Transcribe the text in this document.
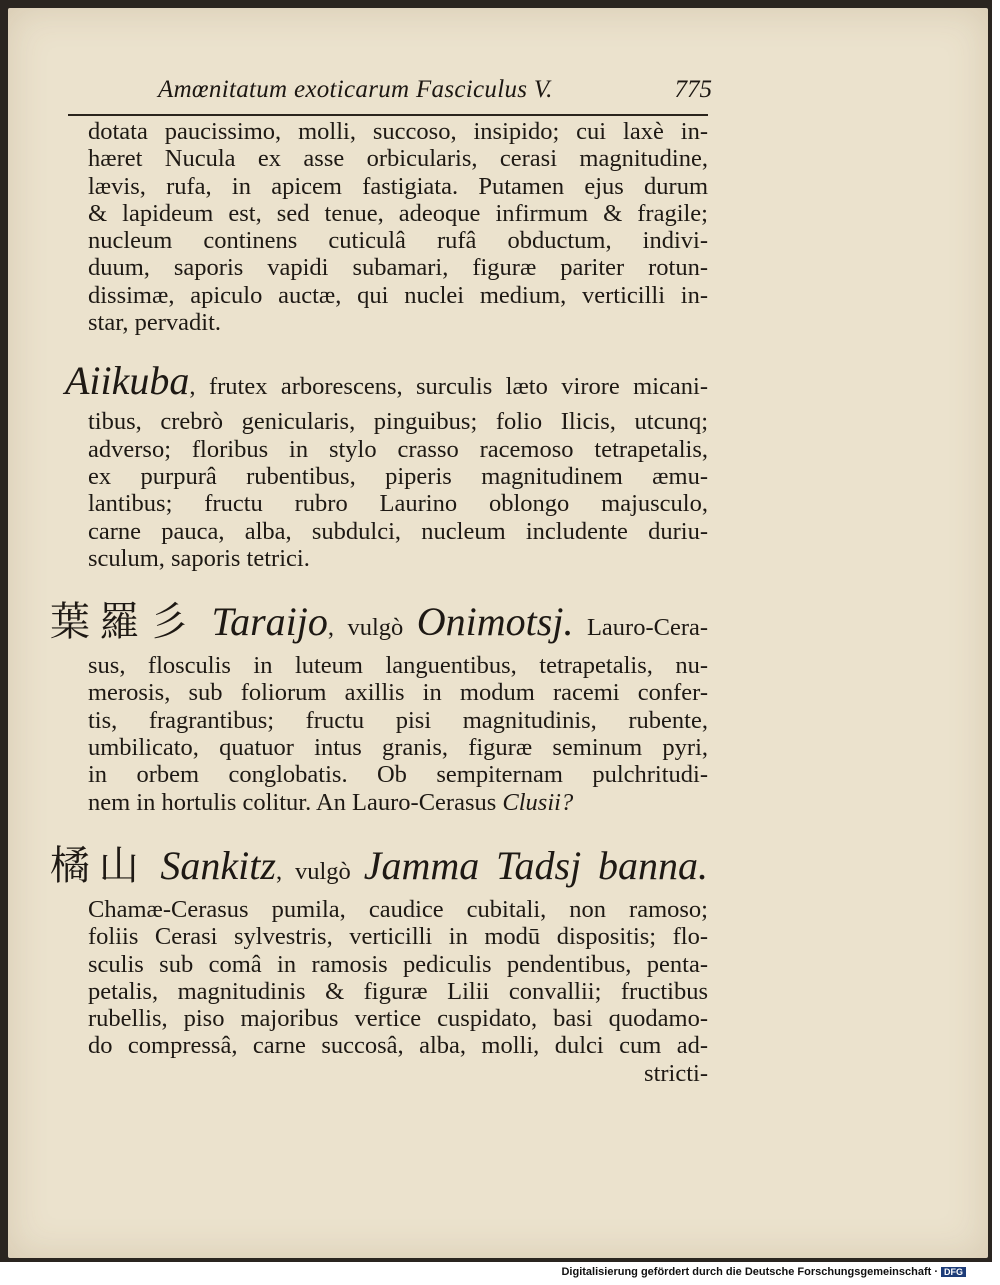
Amœnitatum exoticarum Fasciculus V.	775
dotata paucissimo, molli, succoso, insipido; cui laxè in-
hæret Nucula ex asse orbicularis, cerasi magnitudine,
lævis, rufa, in apicem fastigiata. Putamen ejus durum
& lapideum est, sed tenue, adeoque infirmum & fragile;
nucleum continens cuticulâ rufâ obductum, indivi-
duum, saporis vapidi subamari, figuræ pariter rotun-
dissimæ, apiculo auctæ, qui nuclei medium, verticilli in-
star, pervadit.
Aiikuba, frutex arborescens, surculis læto virore micani-
tibus, crebrò genicularis, pinguibus; folio Ilicis, utcunq;
adverso; floribus in stylo crasso racemoso tetrapetalis,
ex purpurâ rubentibus, piperis magnitudinem æmu-
lantibus; fructu rubro Laurino oblongo majusculo,
carne pauca, alba, subdulci, nucleum includente duriu-
sculum, saporis tetrici.
葉羅彡 Taraijo, vulgò Onimotsj. Lauro-Cera-
sus, flosculis in luteum languentibus, tetrapetalis, nu-
merosis, sub foliorum axillis in modum racemi confer-
tis, fragrantibus; fructu pisi magnitudinis, rubente,
umbilicato, quatuor intus granis, figuræ seminum pyri,
in orbem conglobatis. Ob sempiternam pulchritudi-
nem in hortulis colitur. An Lauro-Cerasus Clusii?
橘山 Sankitz, vulgò Jamma Tadsj banna.
Chamæ-Cerasus pumila, caudice cubitali, non ramoso;
foliis Cerasi sylvestris, verticilli in modū dispositis; flo-
sculis sub comâ in ramosis pediculis pendentibus, penta-
petalis, magnitudinis & figuræ Lilii convallii; fructibus
rubellis, piso majoribus vertice cuspidato, basi quodamo-
do compressâ, carne succosâ, alba, molli, dulci cum ad-
stricti-
Digitalisierung gefördert durch die Deutsche Forschungsgemeinschaft · DFG
